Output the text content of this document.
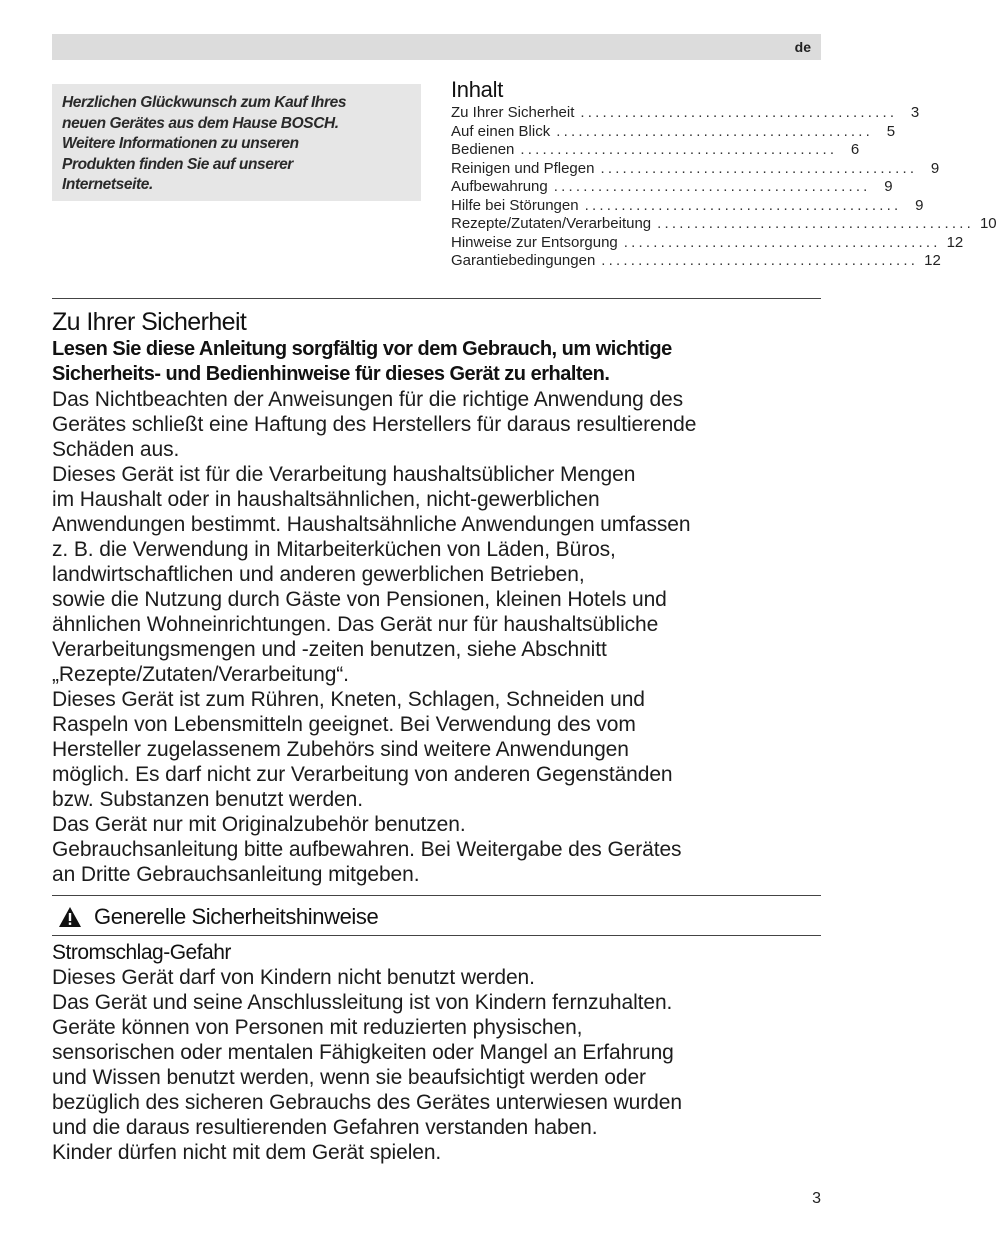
de
Herzlichen Glückwunsch zum Kauf Ihres
neuen Gerätes aus dem Hause BOSCH.
Weitere Informationen zu unseren
Produkten finden Sie auf unserer
Internetseite.
Inhalt
Zu Ihrer Sicherheit ........................................... 3
Auf einen Blick ........................................... 5
Bedienen ........................................... 6
Reinigen und Pflegen ........................................... 9
Aufbewahrung ........................................... 9
Hilfe bei Störungen ........................................... 9
Rezepte/Zutaten/Verarbeitung ........................................... 10
Hinweise zur Entsorgung ........................................... 12
Garantiebedingungen ........................................... 12
Zu Ihrer Sicherheit
Lesen Sie diese Anleitung sorgfältig vor dem Gebrauch, um wichtige
Sicherheits- und Bedienhinweise für dieses Gerät zu erhalten.
Das Nichtbeachten der Anweisungen für die richtige Anwendung des
Gerätes schließt eine Haftung des Herstellers für daraus resultierende
Schäden aus.
Dieses Gerät ist für die Verarbeitung haushaltsüblicher Mengen
im Haushalt oder in haushaltsähnlichen, nicht-gewerblichen
Anwendungen bestimmt. Haushaltsähnliche Anwendungen umfassen
z. B. die Verwendung in Mitarbeiterküchen von Läden, Büros,
landwirtschaftlichen und anderen gewerblichen Betrieben,
sowie die Nutzung durch Gäste von Pensionen, kleinen Hotels und
ähnlichen Wohneinrichtungen. Das Gerät nur für haushaltsübliche
Verarbeitungsmengen und -zeiten benutzen, siehe Abschnitt
„Rezepte/Zutaten/Verarbeitung“.
Dieses Gerät ist zum Rühren, Kneten, Schlagen, Schneiden und
Raspeln von Lebensmitteln geeignet. Bei Verwendung des vom
Hersteller zugelassenem Zubehörs sind weitere Anwendungen
möglich. Es darf nicht zur Verarbeitung von anderen Gegenständen
bzw. Substanzen benutzt werden.
Das Gerät nur mit Originalzubehör benutzen.
Gebrauchsanleitung bitte aufbewahren. Bei Weitergabe des Gerätes
an Dritte Gebrauchsanleitung mitgeben.
Generelle Sicherheitshinweise
Stromschlag-Gefahr
Dieses Gerät darf von Kindern nicht benutzt werden.
Das Gerät und seine Anschlussleitung ist von Kindern fernzuhalten.
Geräte können von Personen mit reduzierten physischen,
sensorischen oder mentalen Fähigkeiten oder Mangel an Erfahrung
und Wissen benutzt werden, wenn sie beaufsichtigt werden oder
bezüglich des sicheren Gebrauchs des Gerätes unterwiesen wurden
und die daraus resultierenden Gefahren verstanden haben.
Kinder dürfen nicht mit dem Gerät spielen.
3
